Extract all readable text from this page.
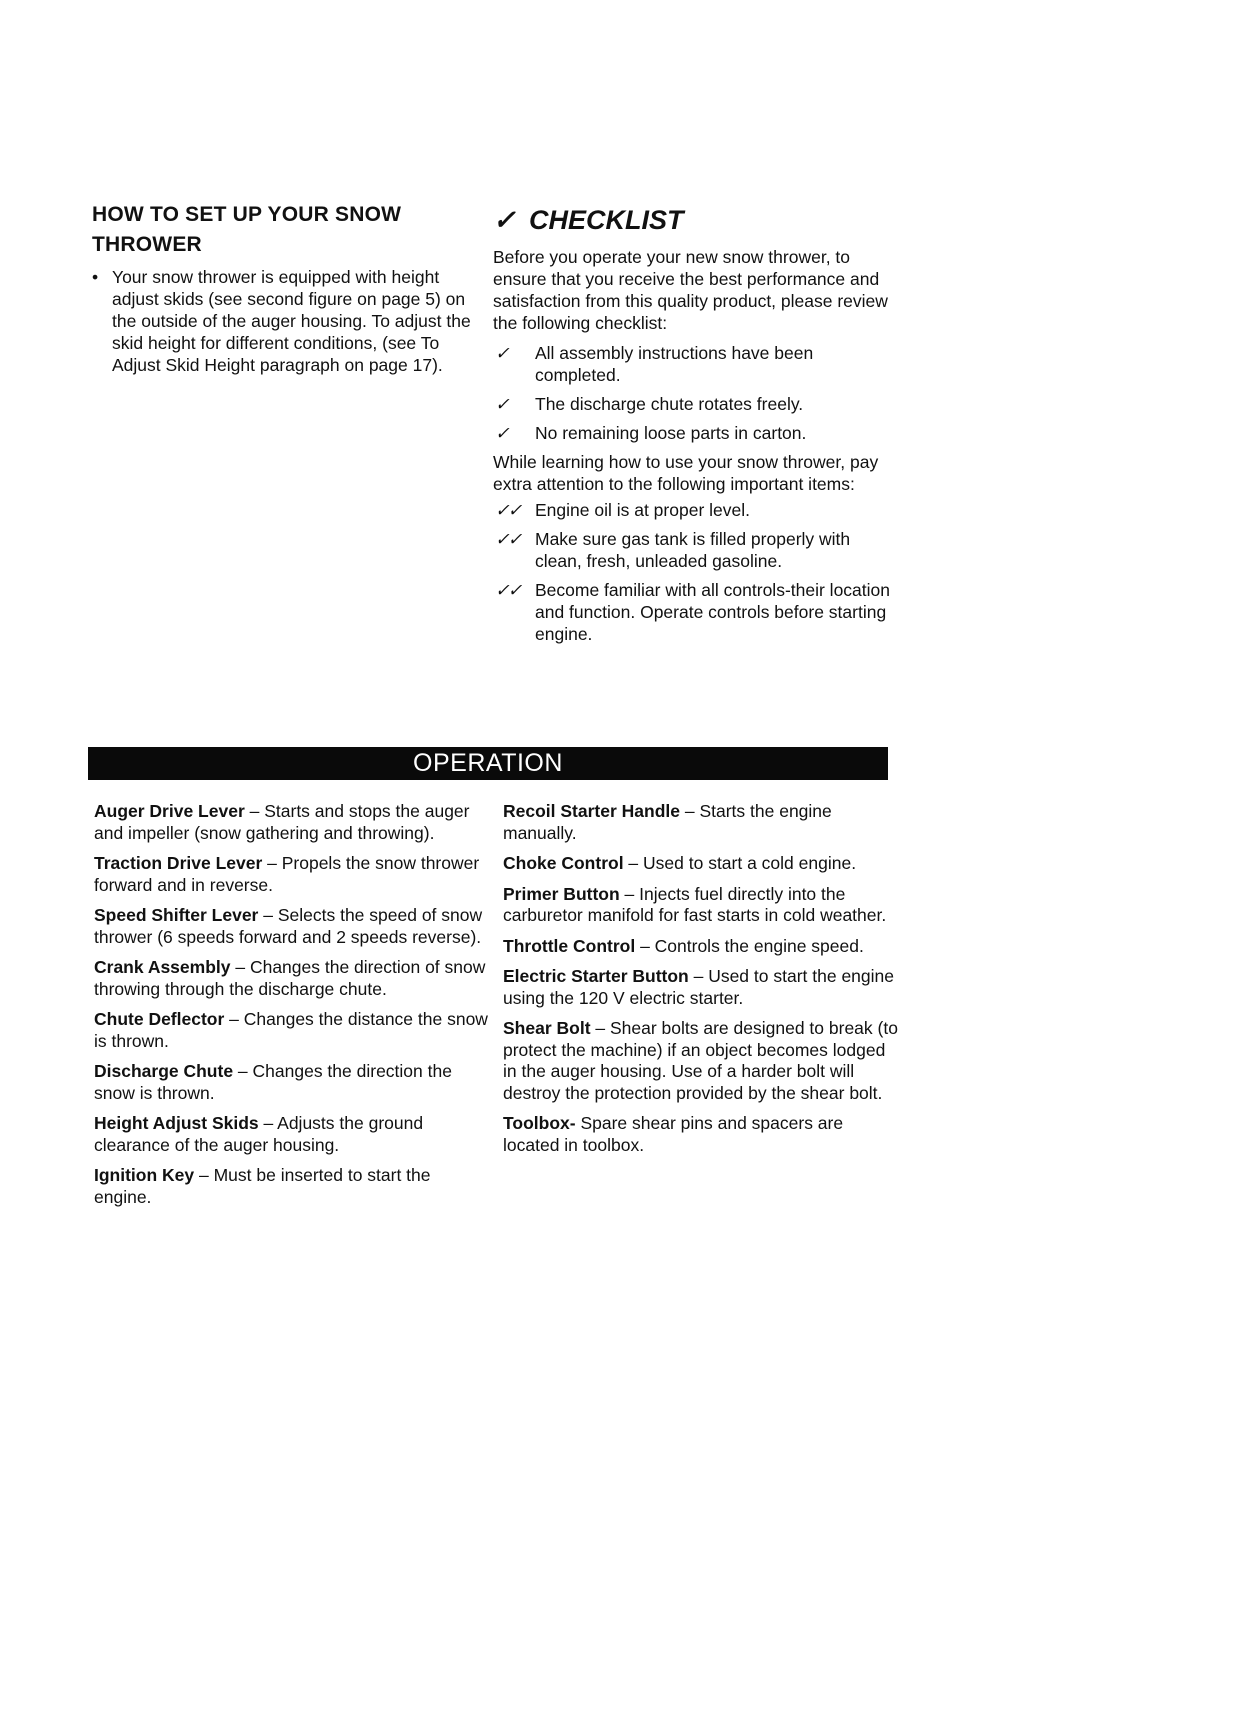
HOW TO SET UP YOUR SNOW THROWER
• Your snow thrower is equipped with height adjust skids (see second figure on page 5) on the outside of the auger housing. To adjust the skid height for different conditions, (see To Adjust Skid Height paragraph on page 17).
✓ CHECKLIST

Before you operate your new snow thrower, to ensure that you receive the best performance and satisfaction from this quality product, please review the following checklist:

✓	All assembly instructions have been completed.
✓	The discharge chute rotates freely.
✓	No remaining loose parts in carton.

While learning how to use your snow thrower, pay extra attention to the following important items:

✓✓ Engine oil is at proper level.
✓✓ Make sure gas tank is filled properly with clean, fresh, unleaded gasoline.
✓✓ Become familiar with all controls-their location and function. Operate controls before starting engine.
OPERATION
Auger Drive Lever – Starts and stops the auger and impeller (snow gathering and throwing).
Traction Drive Lever – Propels the snow thrower forward and in reverse.
Speed Shifter Lever – Selects the speed of snow thrower (6 speeds forward and 2 speeds reverse).
Crank Assembly – Changes the direction of snow throwing through the discharge chute.
Chute Deflector – Changes the distance the snow is thrown.
Discharge Chute – Changes the direction the snow is thrown.
Height Adjust Skids – Adjusts the ground clearance of the auger housing.
Ignition Key – Must be inserted to start the engine.
Recoil Starter Handle – Starts the engine manually.
Choke Control – Used to start a cold engine.
Primer Button – Injects fuel directly into the carburetor manifold for fast starts in cold weather.
Throttle Control – Controls the engine speed.
Electric Starter Button – Used to start the engine using the 120 V electric starter.
Shear Bolt – Shear bolts are designed to break (to protect the machine) if an object becomes lodged in the auger housing. Use of a harder bolt will destroy the protection provided by the shear bolt.
Toolbox- Spare shear pins and spacers are located in toolbox.
